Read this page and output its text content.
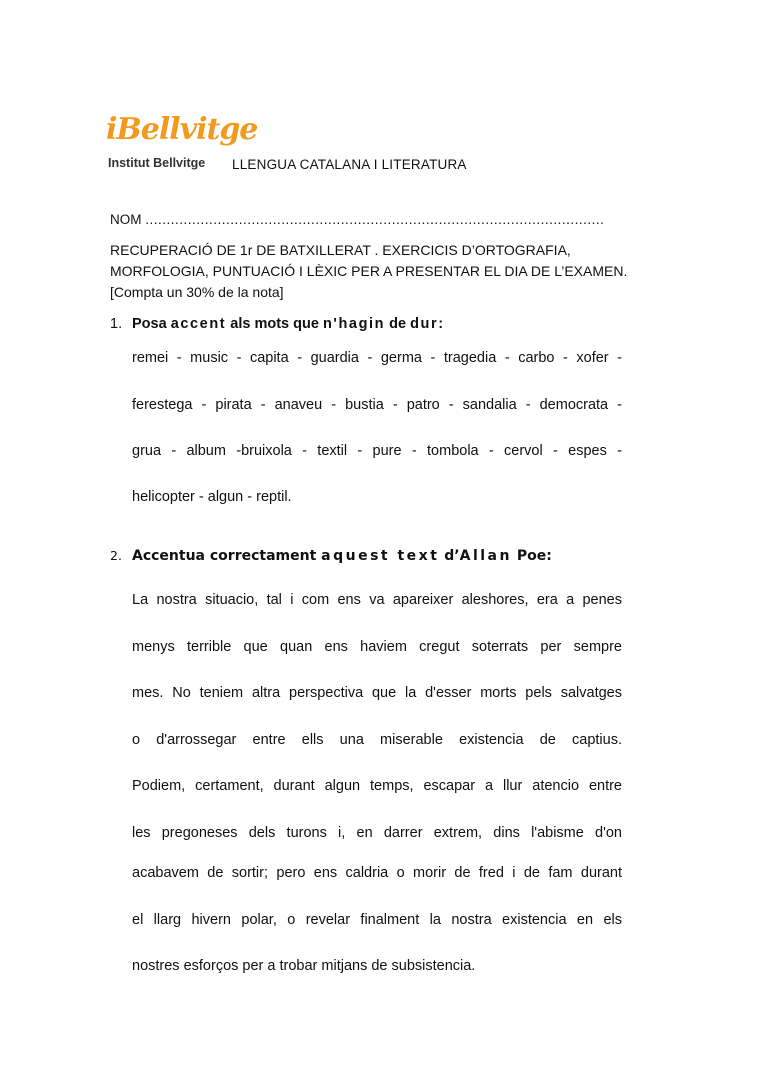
iBellvitge
Institut Bellvitge LLENGUA CATALANA I LITERATURA
NOM ............................................................................................................
RECUPERACIÓ DE 1r DE BATXILLERAT . EXERCICIS D’ORTOGRAFIA, MORFOLOGIA, PUNTUACIÓ I LÈXIC PER A PRESENTAR EL DIA DE L’EXAMEN. [Compta un 30% de la nota]
1. Posa accent als mots que n'hagin de dur:
remei - music - capita - guardia - germa - tragedia - carbo - xofer -
ferestega - pirata - anaveu - bustia - patro - sandalia - democrata -
grua - album -bruixola - textil - pure - tombola - cervol - espes -
helicopter - algun - reptil.
2. Accentua correctament aquest text d’Allan Poe:
La nostra situacio, tal i com ens va apareixer aleshores, era a penes
menys terrible que quan ens haviem cregut soterrats per sempre
mes. No teniem altra perspectiva que la d'esser morts pels salvatges
o d'arrossegar entre ells una miserable existencia de captius.
Podiem, certament, durant algun temps, escapar a llur atencio entre
les pregoneses dels turons i, en darrer extrem, dins l'abisme d'on
acabavem de sortir; pero ens caldria o morir de fred i de fam durant
el llarg hivern polar, o revelar finalment la nostra existencia en els
nostres esforços per a trobar mitjans de subsistencia.
